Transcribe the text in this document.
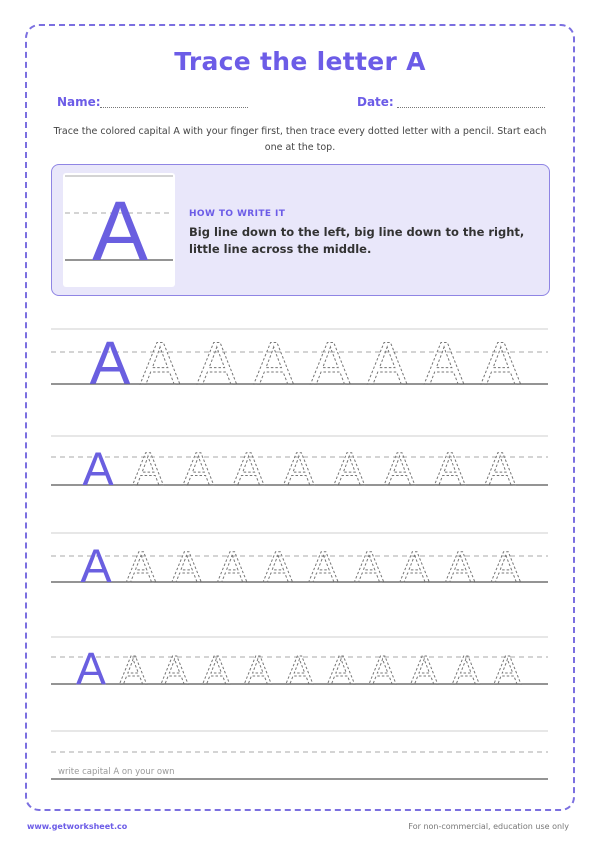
Trace the letter A
Name:	Date:
Trace the colored capital A with your finger first, then trace every dotted letter with a pencil. Start each one at the top.
A	HOW TO WRITE IT
Big line down to the left, big line down to the right, little line across the middle.
A A A A A A A A
A A A A A A A A A
A A A A A A A A A A
A A A A A A A A A A A
write capital A on your own
www.getworksheet.co	For non-commercial, education use only
